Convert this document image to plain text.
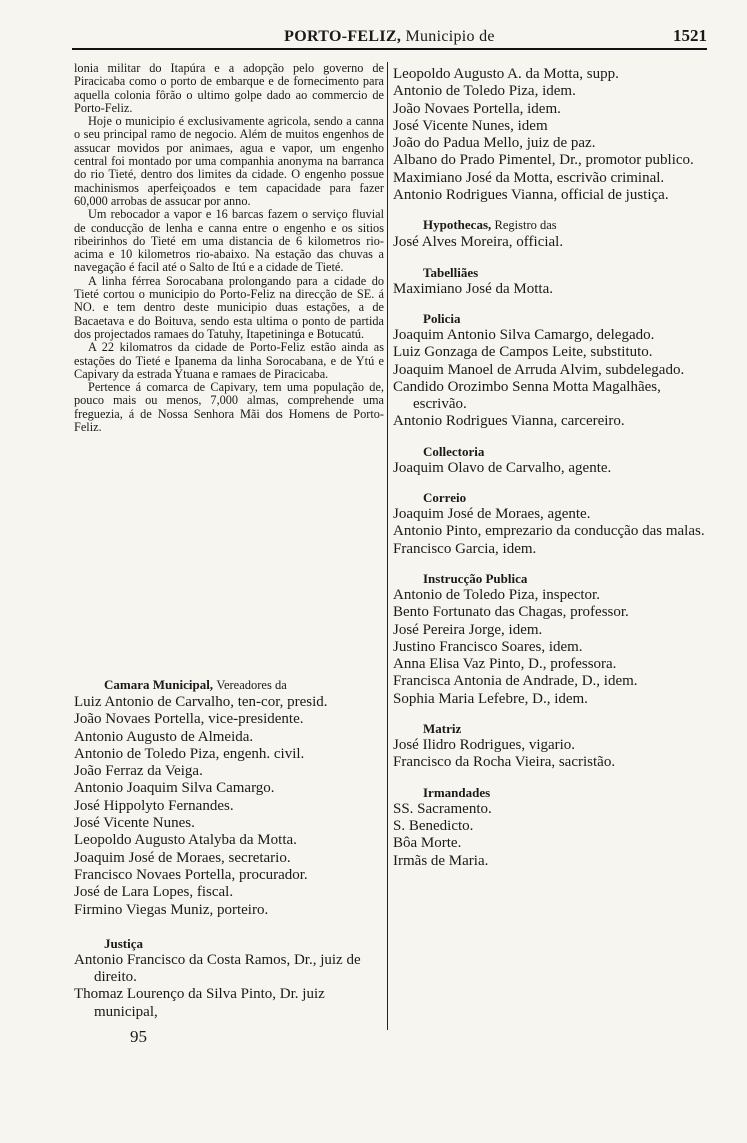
PORTO-FELIZ, Municipio de	1521

lonia militar do Itapúra e a adopção pelo governo de Piracicaba como o porto de embarque e de fornecimento para aquella colonia fôrão o ultimo golpe dado ao commercio de Porto-Feliz.

Hoje o municipio é exclusivamente agricola, sendo a canna o seu principal ramo de negocio. Além de muitos engenhos de assucar movidos por animaes, agua e vapor, um engenho central foi montado por uma companhia anonyma na barranca do rio Tieté, dentro dos limites da cidade. O engenho possue machinismos aperfeiçoados e tem capacidade para fazer 60,000 arrobas de assucar por anno.

Um rebocador a vapor e 16 barcas fazem o serviço fluvial de conducção de lenha e canna entre o engenho e os sitios ribeirinhos do Tieté em uma distancia de 6 kilometros rio-acima e 10 kilometros rio-abaixo. Na estação das chuvas a navegação é facil até o Salto de Itú e a cidade de Tieté.

A linha férrea Sorocabana prolongando para a cidade do Tieté cortou o municipio do Porto-Feliz na direcção de SE. á NO. e tem dentro deste municipio duas estações, a de Bacaetava e do Boituva, sendo esta ultima o ponto de partida dos projectados ramaes do Tatuhy, Itapetininga e Botucatú.

A 22 kilomatros da cidade de Porto-Feliz estão ainda as estações do Tieté e Ipanema da linha Sorocabana, e de Ytú e Capivary da estrada Ytuana e ramaes de Piracicaba.

Pertence á comarca de Capivary, tem uma população de, pouco mais ou menos, 7,000 almas, comprehende uma freguezia, á de Nossa Senhora Mãi dos Homens de Porto-Feliz.

Camara Municipal, Vereadores da

Luiz Antonio de Carvalho, ten-cor, presid.

João Novaes Portella, vice-presidente.

Antonio Augusto de Almeida.

Antonio de Toledo Piza, engenh. civil.

João Ferraz da Veiga.

Antonio Joaquim Silva Camargo.

José Hippolyto Fernandes.

José Vicente Nunes.

Leopoldo Augusto Atalyba da Motta.

Joaquim José de Moraes, secretario.

Francisco Novaes Portella, procurador.

José de Lara Lopes, fiscal.

Firmino Viegas Muniz, porteiro.

Justiça

Antonio Francisco da Costa Ramos, Dr., juiz de direito.

Thomaz Lourenço da Silva Pinto, Dr. juiz municipal,

95

Leopoldo Augusto A. da Motta, supp.

Antonio de Toledo Piza, idem.

João Novaes Portella, idem.

José Vicente Nunes, idem

João do Padua Mello, juiz de paz.

Albano do Prado Pimentel, Dr., promotor publico.

Maximiano José da Motta, escrivão criminal.

Antonio Rodrigues Vianna, official de justiça.

Hypothecas, Registro das

José Alves Moreira, official.

Tabelliães

Maximiano José da Motta.

Policia

Joaquim Antonio Silva Camargo, delegado.

Luiz Gonzaga de Campos Leite, substituto.

Joaquim Manoel de Arruda Alvim, subdelegado.

Candido Orozimbo Senna Motta Magalhães, escrivão.

Antonio Rodrigues Vianna, carcereiro.

Collectoria

Joaquim Olavo de Carvalho, agente.

Correio

Joaquim José de Moraes, agente.

Antonio Pinto, emprezario da conducção das malas.

Francisco Garcia, idem.

Instrucção Publica

Antonio de Toledo Piza, inspector.

Bento Fortunato das Chagas, professor.

José Pereira Jorge, idem.

Justino Francisco Soares, idem.

Anna Elisa Vaz Pinto, D., professora.

Francisca Antonia de Andrade, D., idem.

Sophia Maria Lefebre, D., idem.

Matriz

José Ilidro Rodrigues, vigario.

Francisco da Rocha Vieira, sacristão.

Irmandades

SS. Sacramento.

S. Benedicto.

Bôa Morte.

Irmãs de Maria.
